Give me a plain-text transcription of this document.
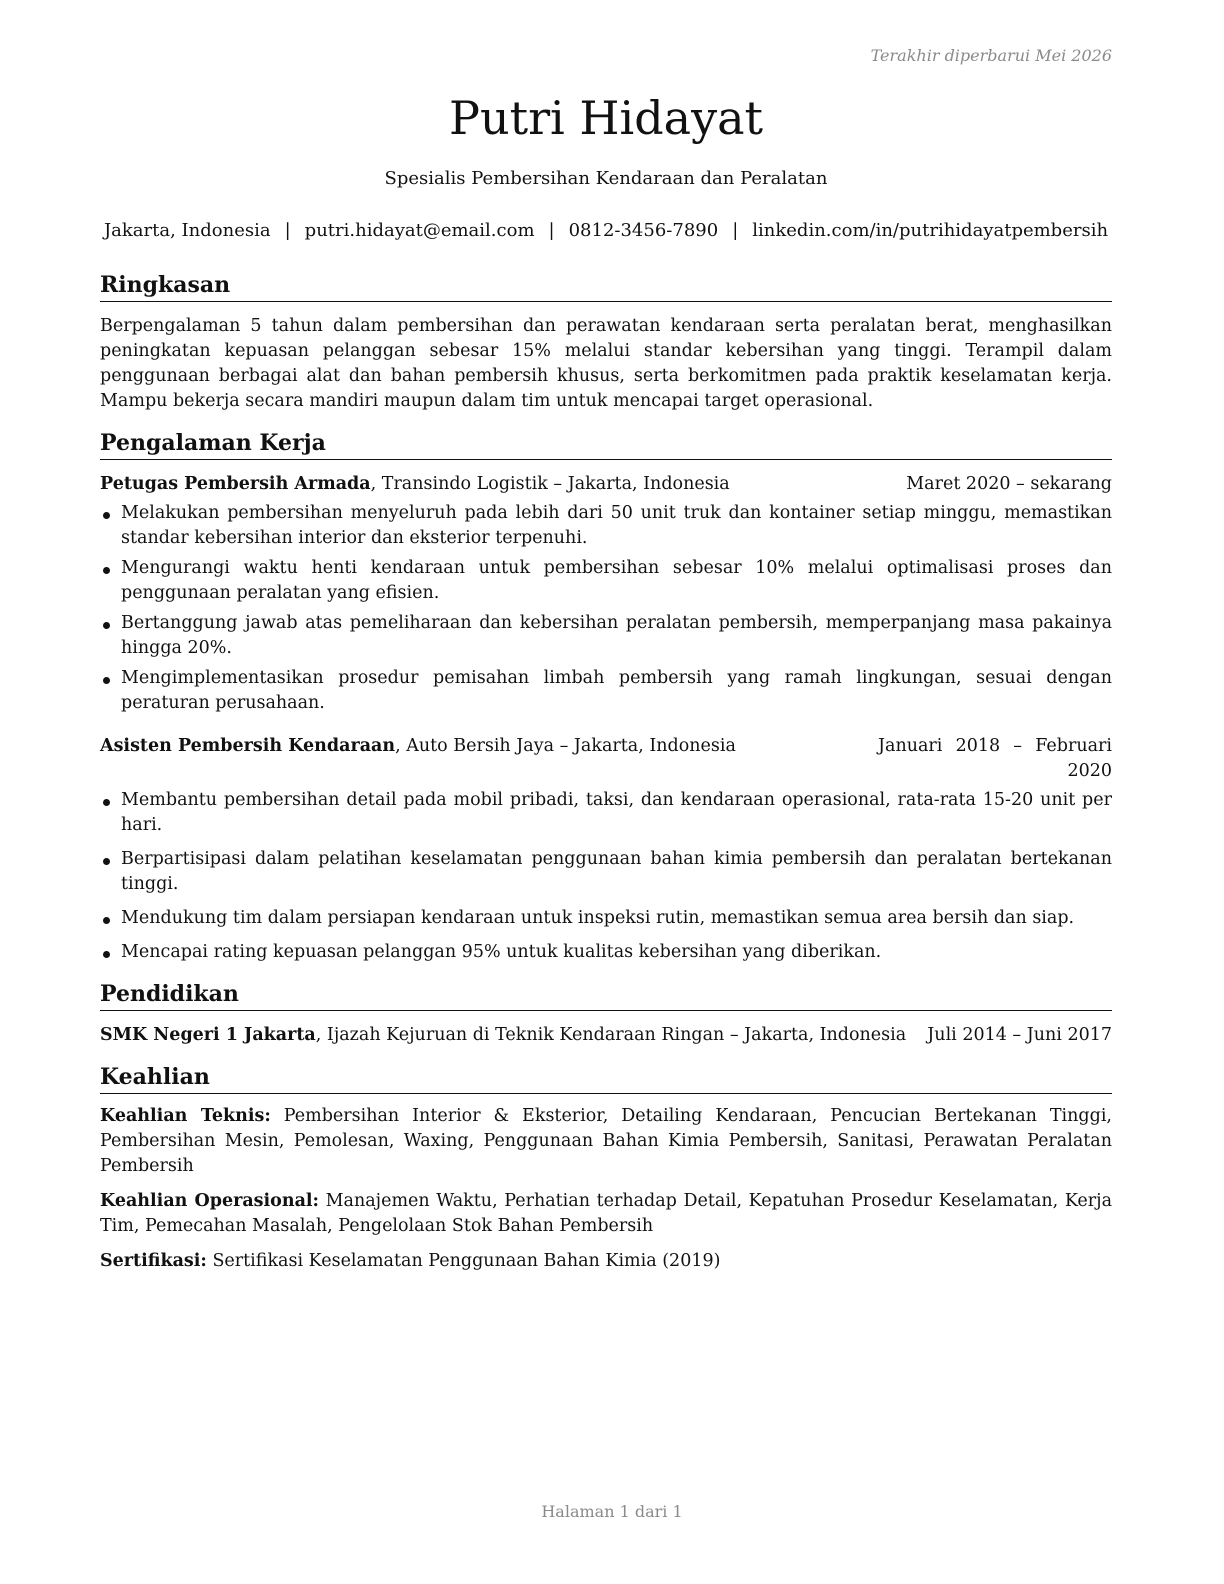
Terakhir diperbarui Mei 2026
Putri Hidayat
Spesialis Pembersihan Kendaraan dan Peralatan
Jakarta, Indonesia | putri.hidayat@email.com | 0812-3456-7890 | linkedin.com/in/putrihidayatpembersih
Ringkasan

Berpengalaman 5 tahun dalam pembersihan dan perawatan kendaraan serta peralatan berat, menghasilkan peningkatan kepuasan pelanggan sebesar 15% melalui standar kebersihan yang tinggi. Terampil dalam penggunaan berbagai alat dan bahan pembersih khusus, serta berkomitmen pada praktik keselamatan kerja. Mampu bekerja secara mandiri maupun dalam tim untuk mencapai target operasional.

Pengalaman Kerja
Petugas Pembersih Armada, Transindo Logistik – Jakarta, Indonesia	Maret 2020 – sekarang
Melakukan pembersihan menyeluruh pada lebih dari 50 unit truk dan kontainer setiap minggu, memastikan standar kebersihan interior dan eksterior terpenuhi.
Mengurangi waktu henti kendaraan untuk pembersihan sebesar 10% melalui optimalisasi proses dan penggunaan peralatan yang efisien.
Bertanggung jawab atas pemeliharaan dan kebersihan peralatan pembersih, memperpanjang masa pakainya hingga 20%.
Mengimplementasikan prosedur pemisahan limbah pembersih yang ramah lingkungan, sesuai dengan peraturan perusahaan.
Asisten Pembersih Kendaraan, Auto Bersih Jaya – Jakarta, Indonesia	Januari 2018 – Februari 2020
Membantu pembersihan detail pada mobil pribadi, taksi, dan kendaraan operasional, rata-rata 15-20 unit per hari.
Berpartisipasi dalam pelatihan keselamatan penggunaan bahan kimia pembersih dan peralatan bertekanan tinggi.
Mendukung tim dalam persiapan kendaraan untuk inspeksi rutin, memastikan semua area bersih dan siap.
Mencapai rating kepuasan pelanggan 95% untuk kualitas kebersihan yang diberikan.
Pendidikan
SMK Negeri 1 Jakarta, Ijazah Kejuruan di Teknik Kendaraan Ringan – Jakarta, Indonesia	Juli 2014 – Juni 2017
Keahlian
Keahlian Teknis: Pembersihan Interior & Eksterior, Detailing Kendaraan, Pencucian Bertekanan Tinggi, Pembersihan Mesin, Pemolesan, Waxing, Penggunaan Bahan Kimia Pembersih, Sanitasi, Perawatan Peralatan Pembersih
Keahlian Operasional: Manajemen Waktu, Perhatian terhadap Detail, Kepatuhan Prosedur Keselamatan, Kerja Tim, Pemecahan Masalah, Pengelolaan Stok Bahan Pembersih
Sertifikasi: Sertifikasi Keselamatan Penggunaan Bahan Kimia (2019)
Halaman 1 dari 1
